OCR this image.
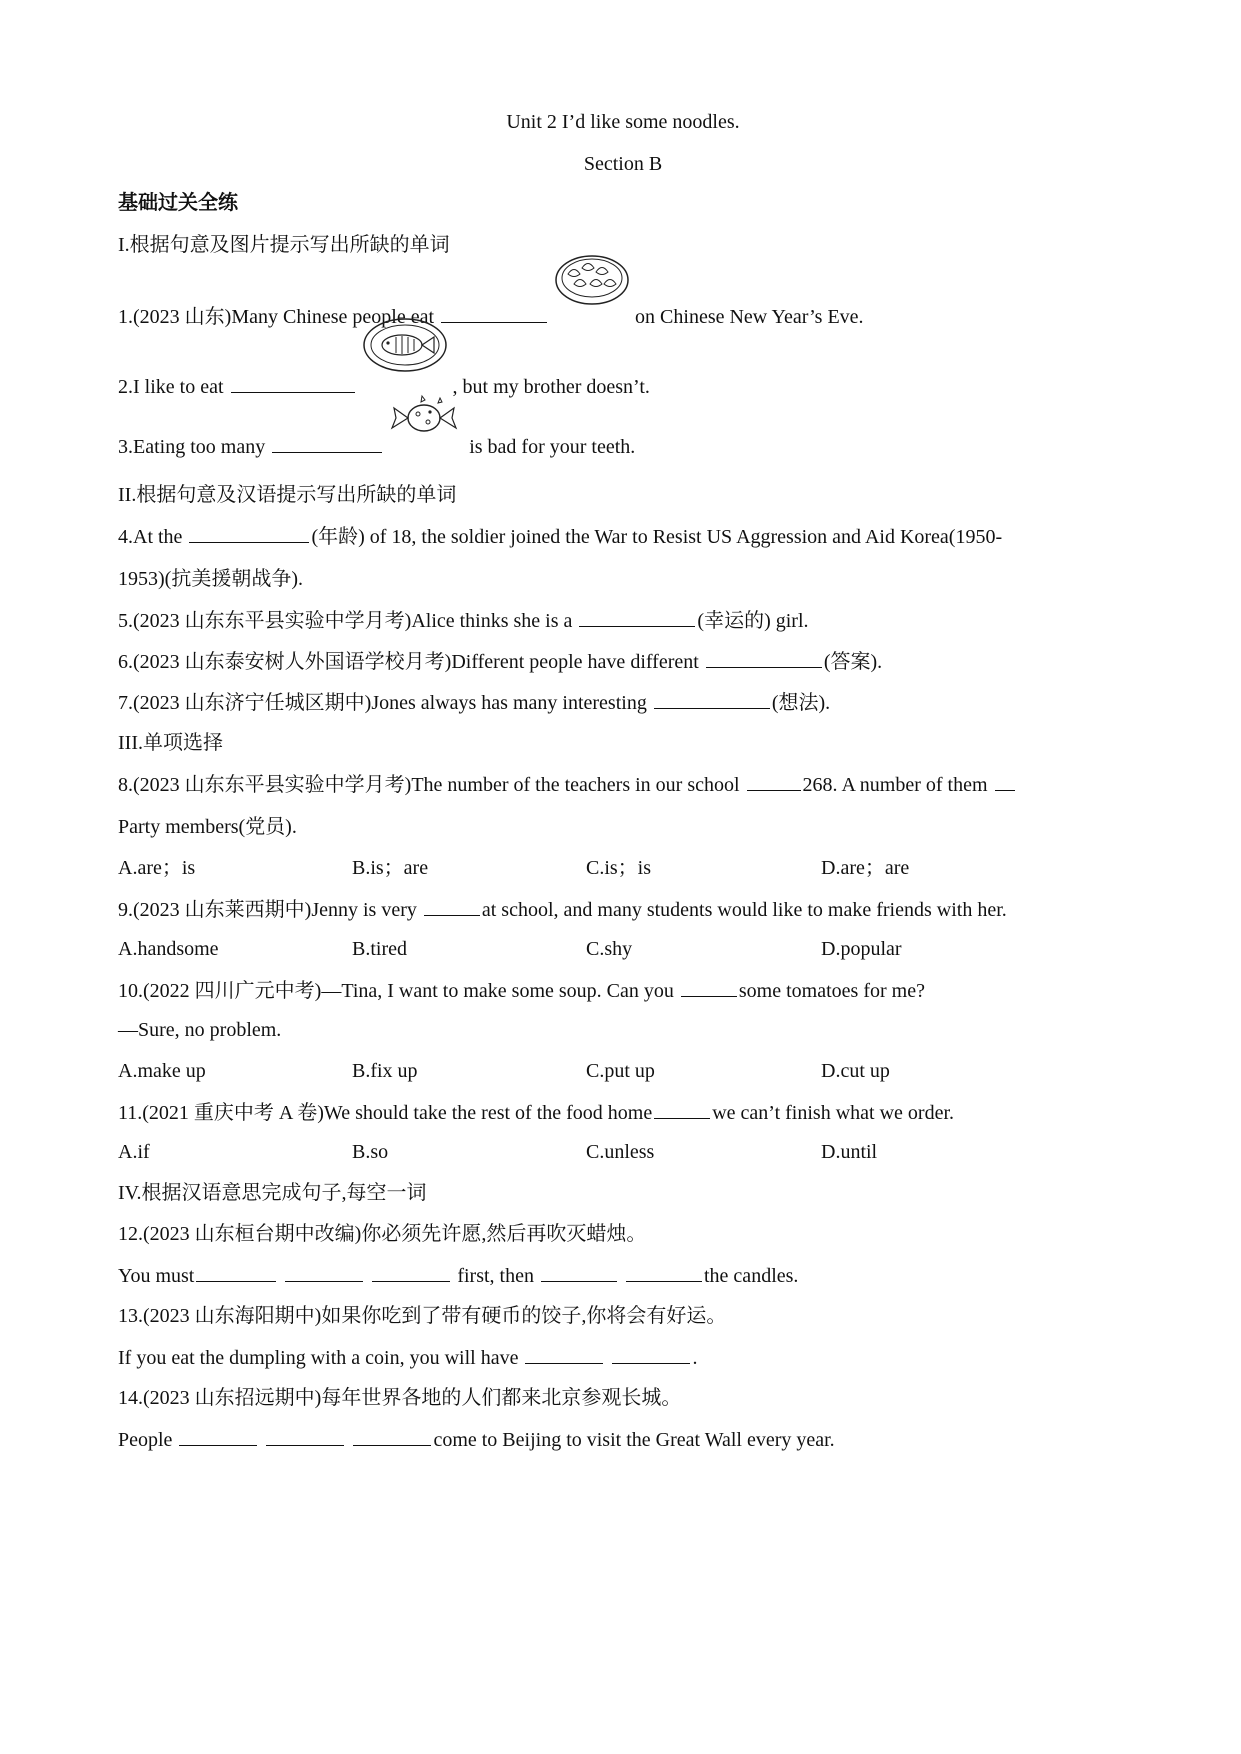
Unit 2 I’d like some noodles.
Section B
基础过关全练
I.根据句意及图片提示写出所缺的单词
1.(2023 山东)Many Chinese people eat	on Chinese New Year’s Eve.
2.I like to eat	, but my brother doesn’t.
3.Eating too many	is bad for your teeth.
II.根据句意及汉语提示写出所缺的单词
4.At the	(年龄) of 18, the soldier joined the War to Resist US Aggression and Aid Korea(1950-
1953)(抗美援朝战争).
5.(2023 山东东平县实验中学月考)Alice thinks she is a	(幸运的) girl.
6.(2023 山东泰安树人外国语学校月考)Different people have different	(答案).
7.(2023 山东济宁任城区期中)Jones always has many interesting	(想法).
III.单项选择
8.(2023 山东东平县实验中学月考)The number of the teachers in our school	268. A number of them
Party members(党员).
A.are；is	B.is；are	C.is；is	D.are；are
9.(2023 山东莱西期中)Jenny is very	at school, and many students would like to make friends with her.
A.handsome	B.tired	C.shy	D.popular
10.(2022 四川广元中考)—Tina, I want to make some soup. Can you	some tomatoes for me?
—Sure, no problem.
A.make up	B.fix up	C.put up	D.cut up
11.(2021 重庆中考 A 卷)We should take the rest of the food home	we can’t finish what we order.
A.if	B.so	C.unless	D.until
IV.根据汉语意思完成句子,每空一词
12.(2023 山东桓台期中改编)你必须先许愿,然后再吹灭蜡烛。
You must	first, then	the candles.
13.(2023 山东海阳期中)如果你吃到了带有硬币的饺子,你将会有好运。
If you eat the dumpling with a coin, you will have	.
14.(2023 山东招远期中)每年世界各地的人们都来北京参观长城。
People	come to Beijing to visit the Great Wall every year.
